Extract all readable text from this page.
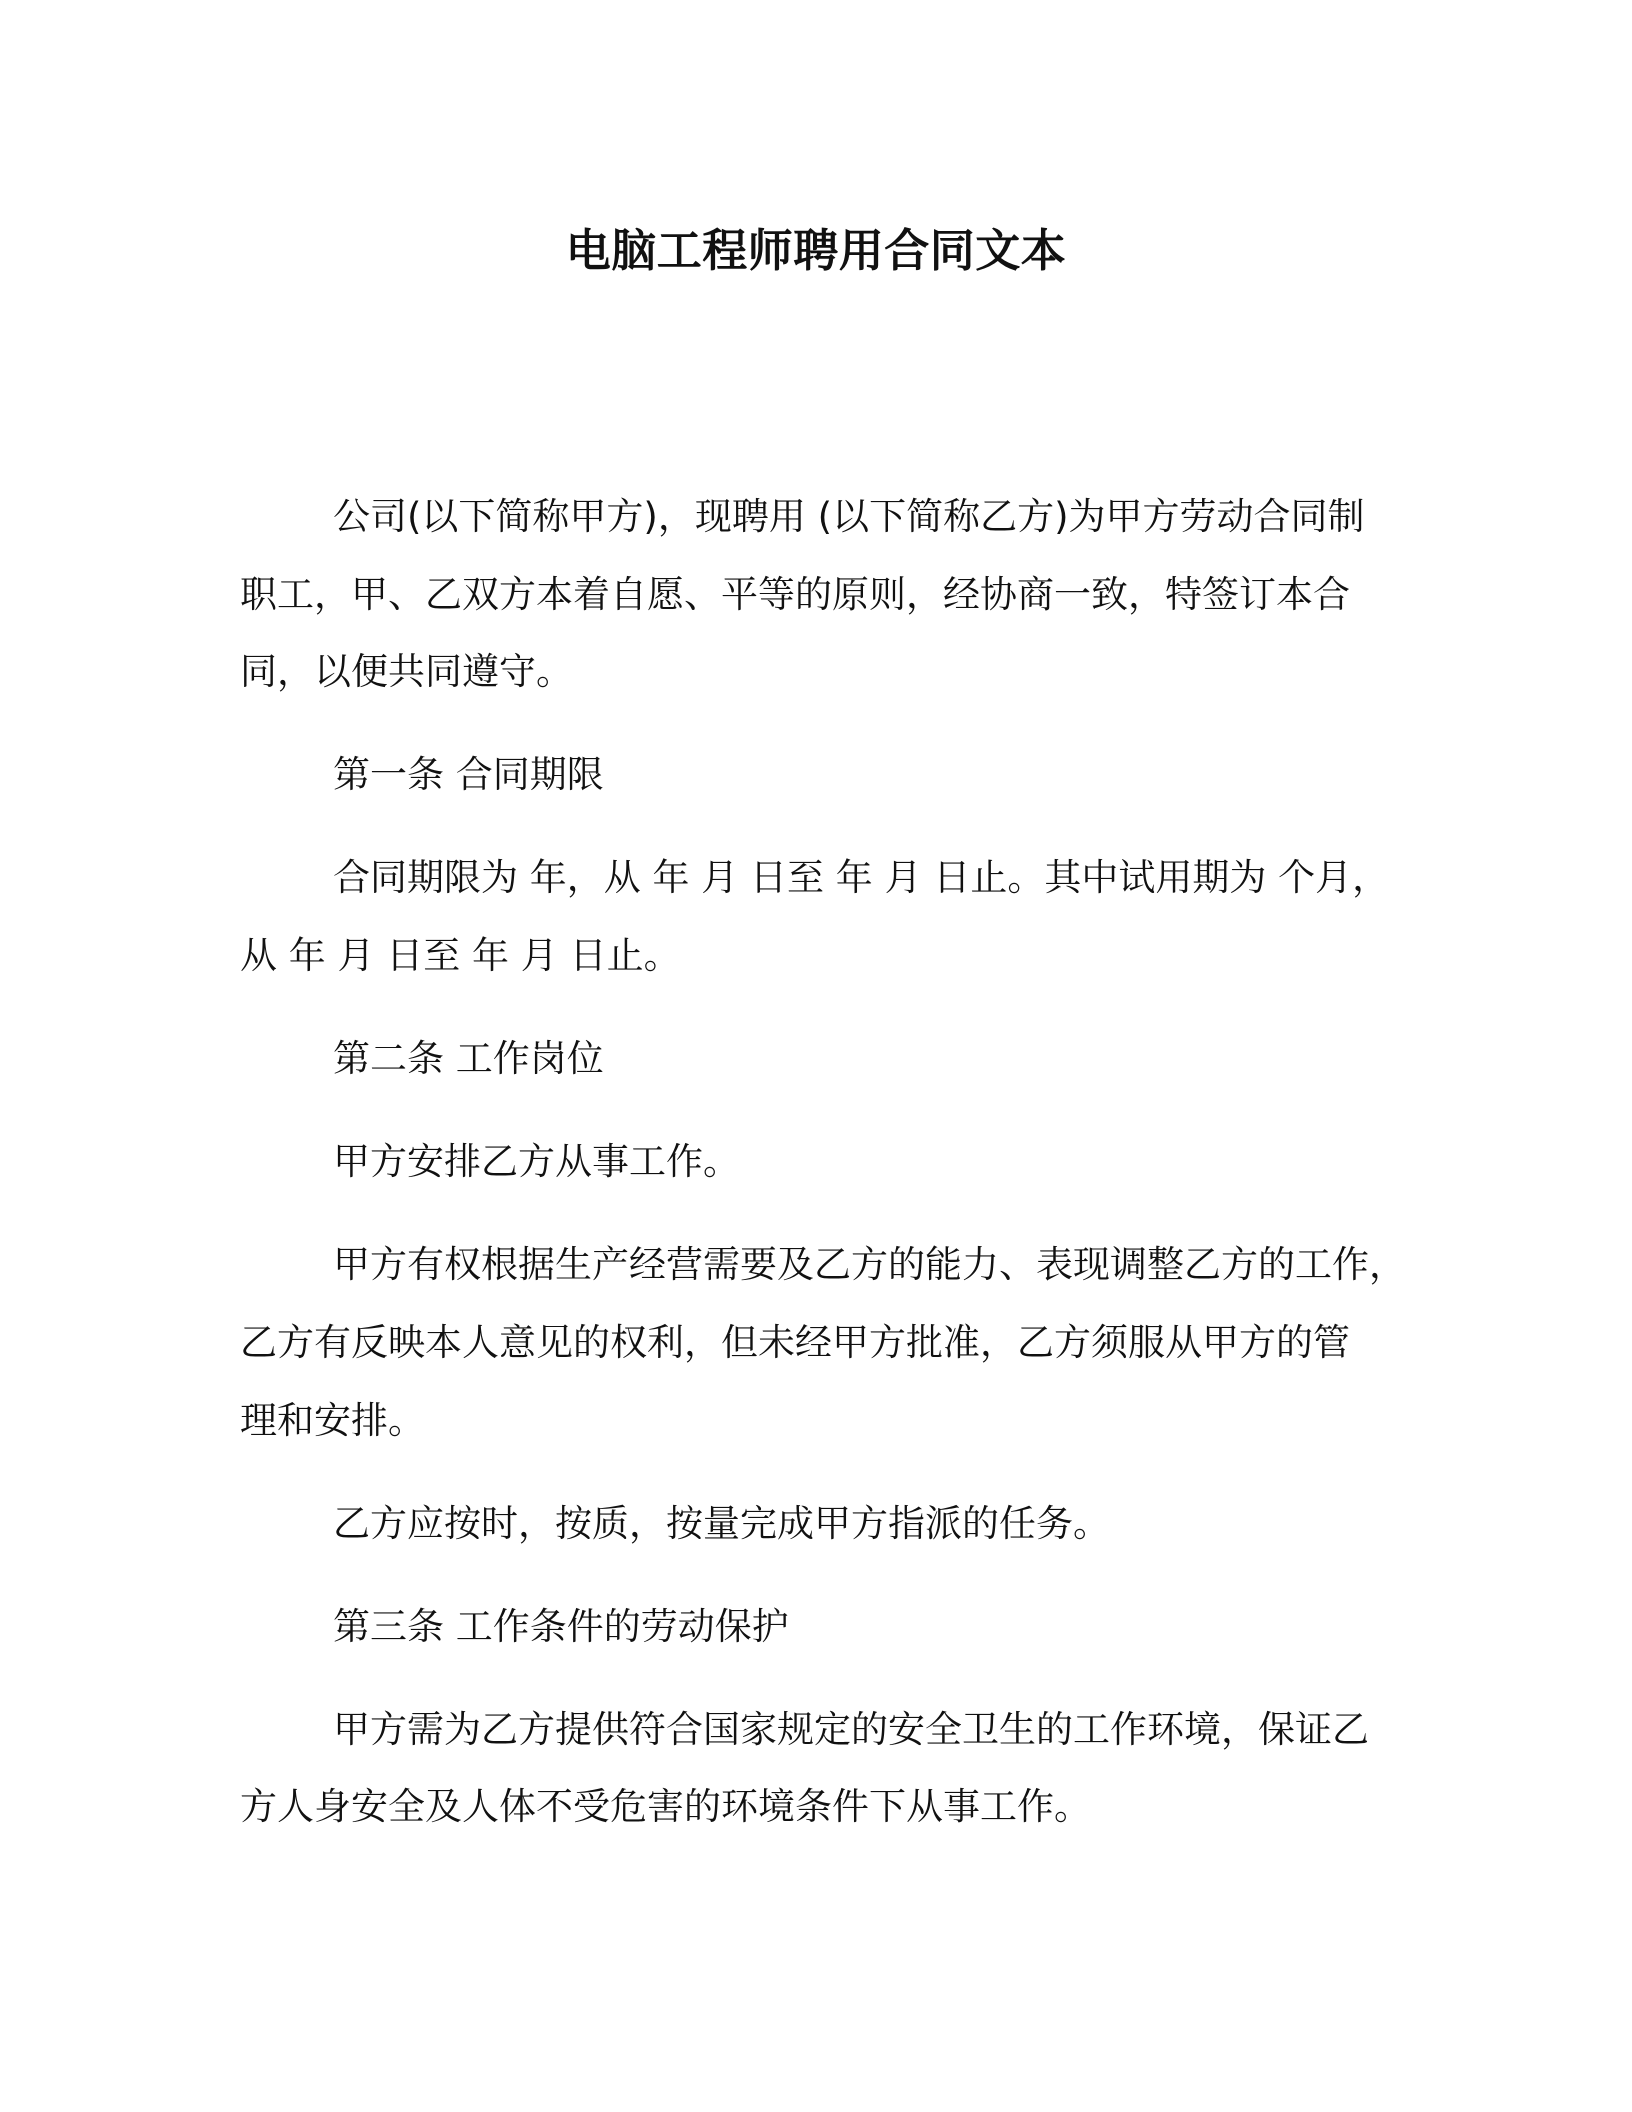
电脑工程师聘用合同文本

公司(以下简称甲方)，现聘用 (以下简称乙方)为甲方劳动合同制
职工，甲、乙双方本着自愿、平等的原则，经协商一致，特签订本合
同，以便共同遵守。

第一条 合同期限

合同期限为 年，从 年 月 日至 年 月 日止。其中试用期为 个月，
从 年 月 日至 年 月 日止。

第二条 工作岗位

甲方安排乙方从事工作。

甲方有权根据生产经营需要及乙方的能力、表现调整乙方的工作，
乙方有反映本人意见的权利，但未经甲方批准，乙方须服从甲方的管
理和安排。

乙方应按时，按质，按量完成甲方指派的任务。

第三条 工作条件的劳动保护

甲方需为乙方提供符合国家规定的安全卫生的工作环境，保证乙
方人身安全及人体不受危害的环境条件下从事工作。
